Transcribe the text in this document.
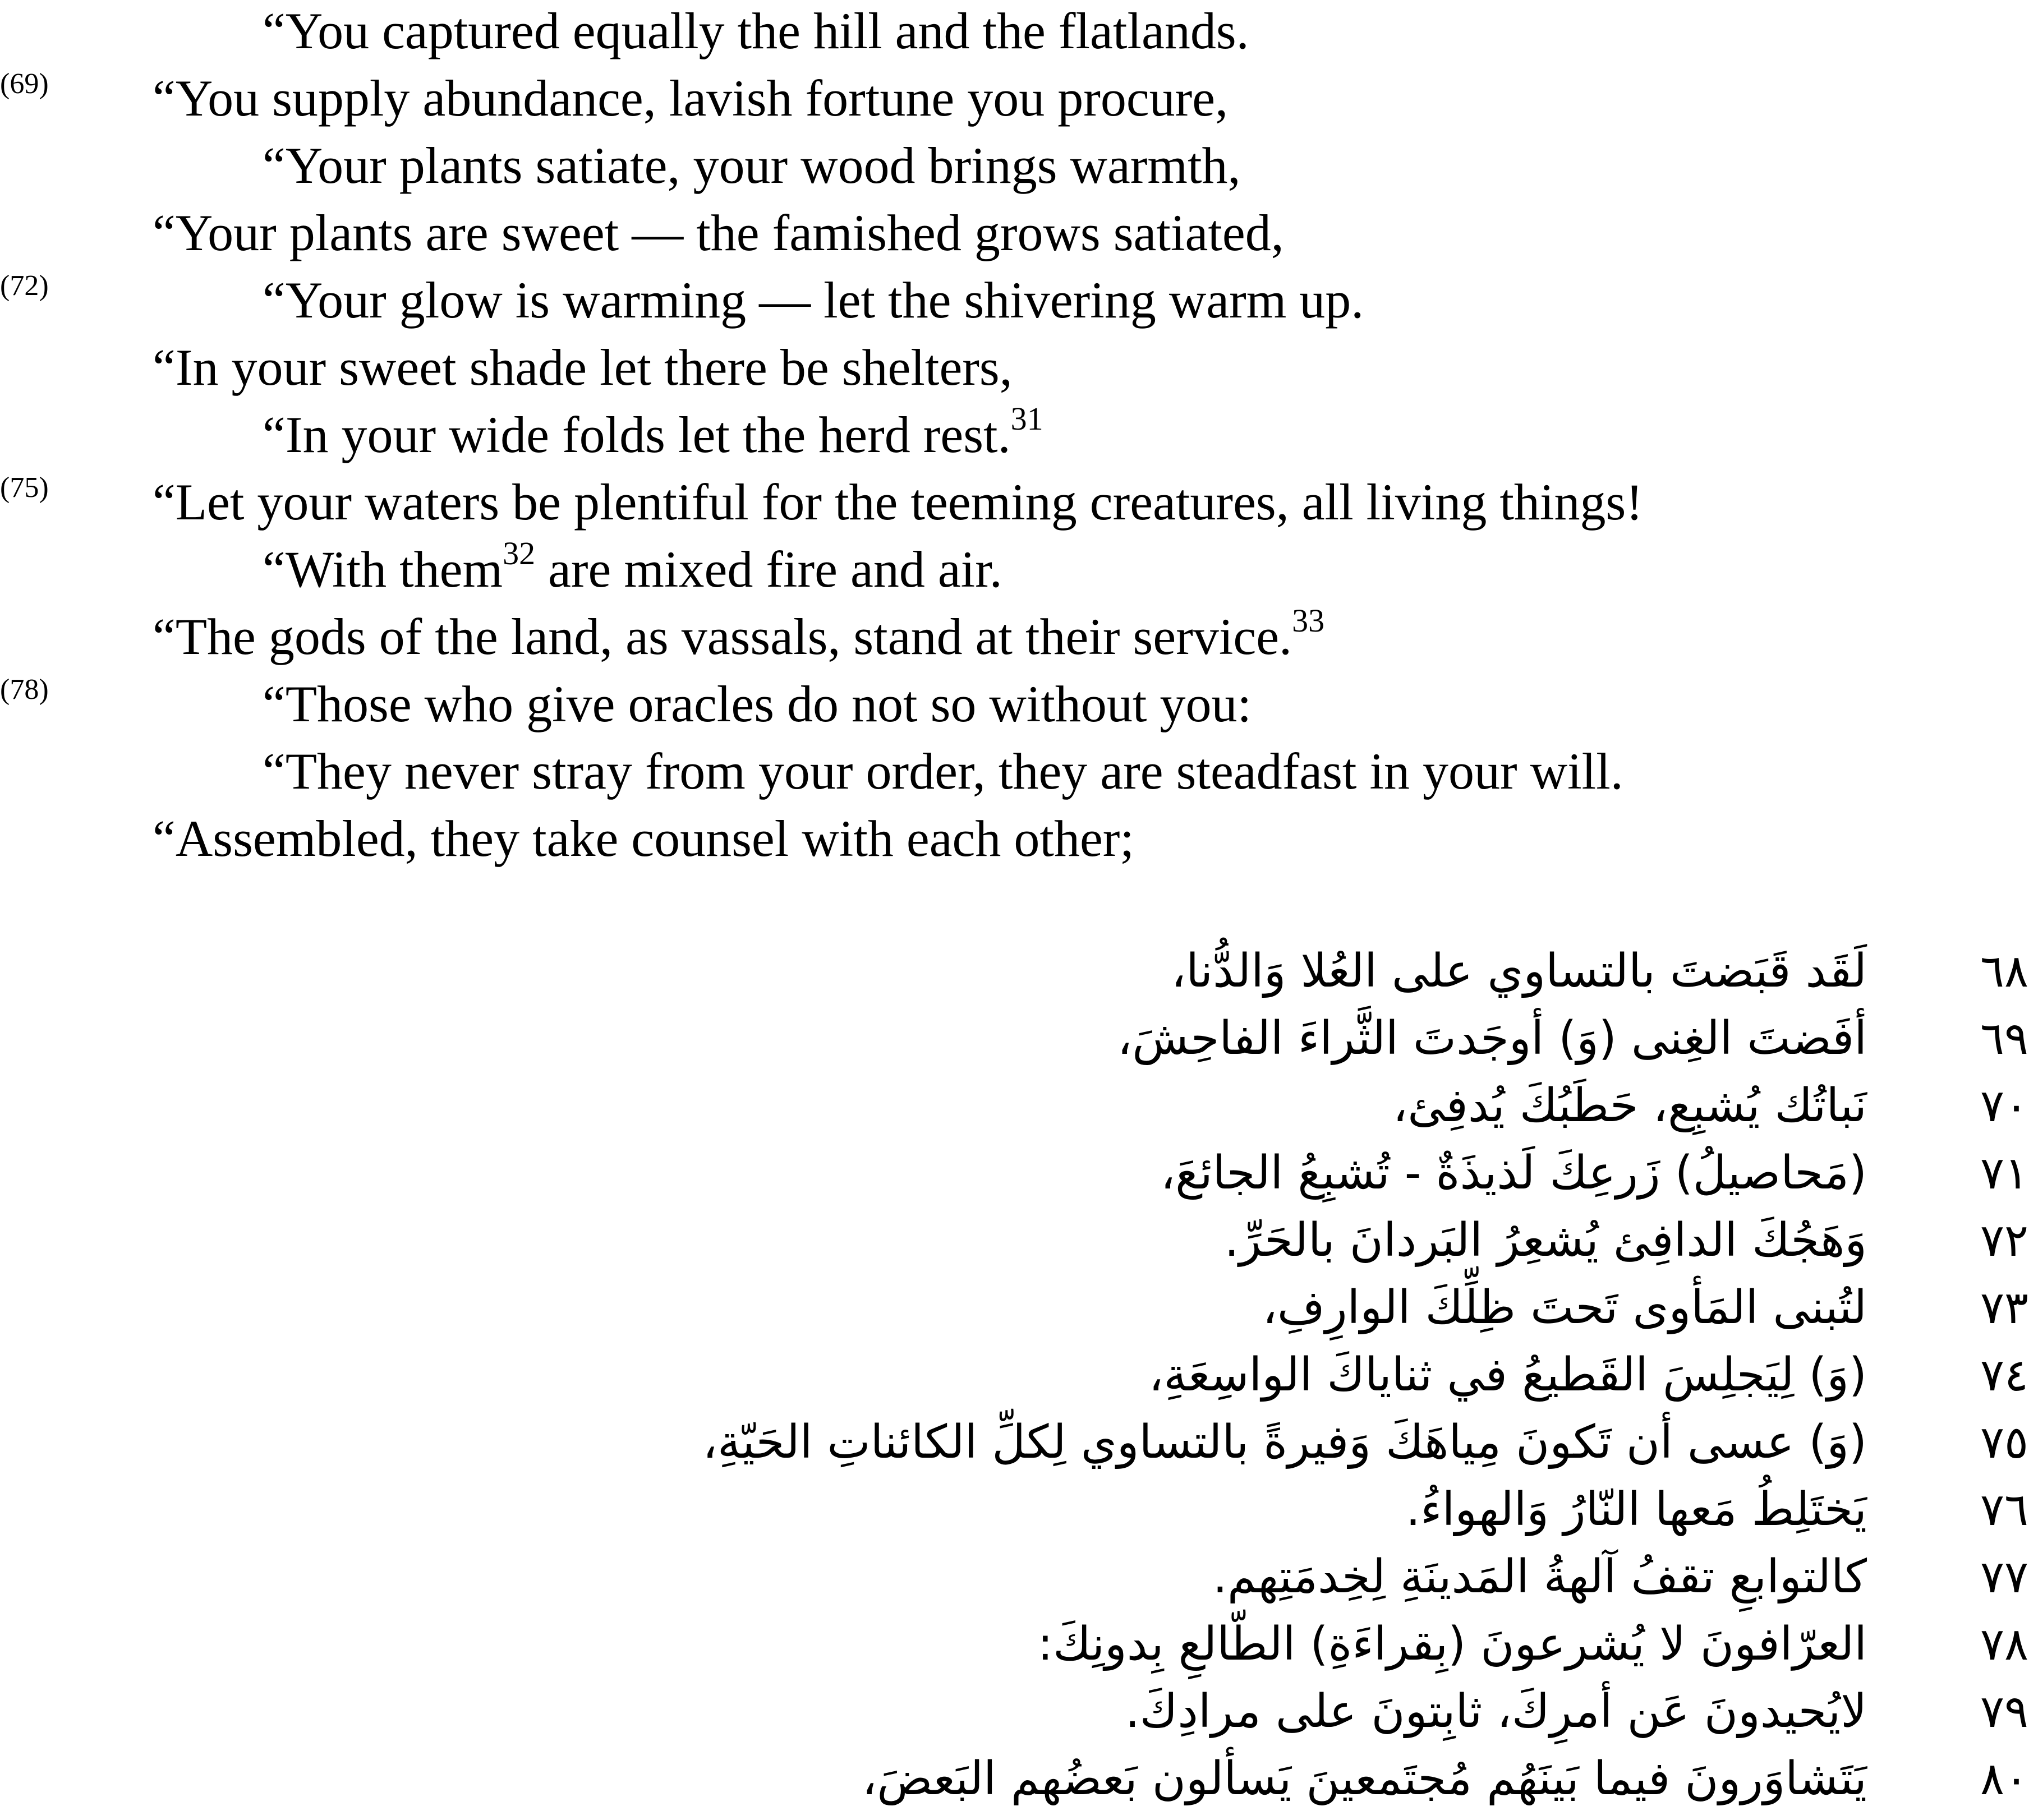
“You captured equally the hill and the flatlands.
“You supply abundance, lavish fortune you procure,
“Your plants satiate, your wood brings warmth,
“Your plants are sweet — the famished grows satiated,
“Your glow is warming — let the shivering warm up.
“In your sweet shade let there be shelters,
“In your wide folds let the herd rest.$^{31}$
“Let your waters be plentiful for the teeming creatures, all living things!
“With them$^{32}$ are mixed fire and air.
“The gods of the land, as vassals, stand at their service.$^{33}$
“Those who give oracles do not so without you:
“They never stray from your order, they are steadfast in your will.
“Assembled, they take counsel with each other;
(69)
(72)
(75)
(78)
٦٨
لَقَد قَبَضتَ بالتساوي على العُلا وَالدُّنا،
٦٩
أفَضتَ الغِنى (وَ) أوجَدتَ الثَّراءَ الفاحِشَ،
٧٠
نَباتُك يُشبِع، حَطَبُكَ يُدفِئ،
٧١
(مَحاصيلُ) زَرعِكَ لَذيذَةٌ - تُشبِعُ الجائعَ،
٧٢
وَهَجُكَ الدافِئ يُشعِرُ البَردانَ بالحَرِّ.
٧٣
لتُبنى المَأوى تَحتَ ظِلِّكَ الوارِفِ،
٧٤
(وَ) لِيَجلِسَ القَطيعُ في ثناياكَ الواسِعَةِ،
٧٥
(وَ) عسى أن تَكونَ مِياهَكَ وَفيرةً بالتساوي لِكلِّ الكائناتِ الحَيّةِ،
٧٦
يَختَلِطُ مَعها النّارُ وَالهواءُ.
٧٧
كالتوابعِ تقفُ آلهةُ المَدينَةِ لِخِدمَتِهم.
٧٨
العرّافونَ لا يُشرعونَ (بِقراءَةِ) الطّالعِ بِدونِكَ:
٧٩
لايُحيدونَ عَن أمرِكَ، ثابِتونَ على مرادِكَ.
٨٠
يَتَشاوَرونَ فيما بَينَهُم مُجتَمعينَ يَسألون بَعضُهم البَعضَ،
